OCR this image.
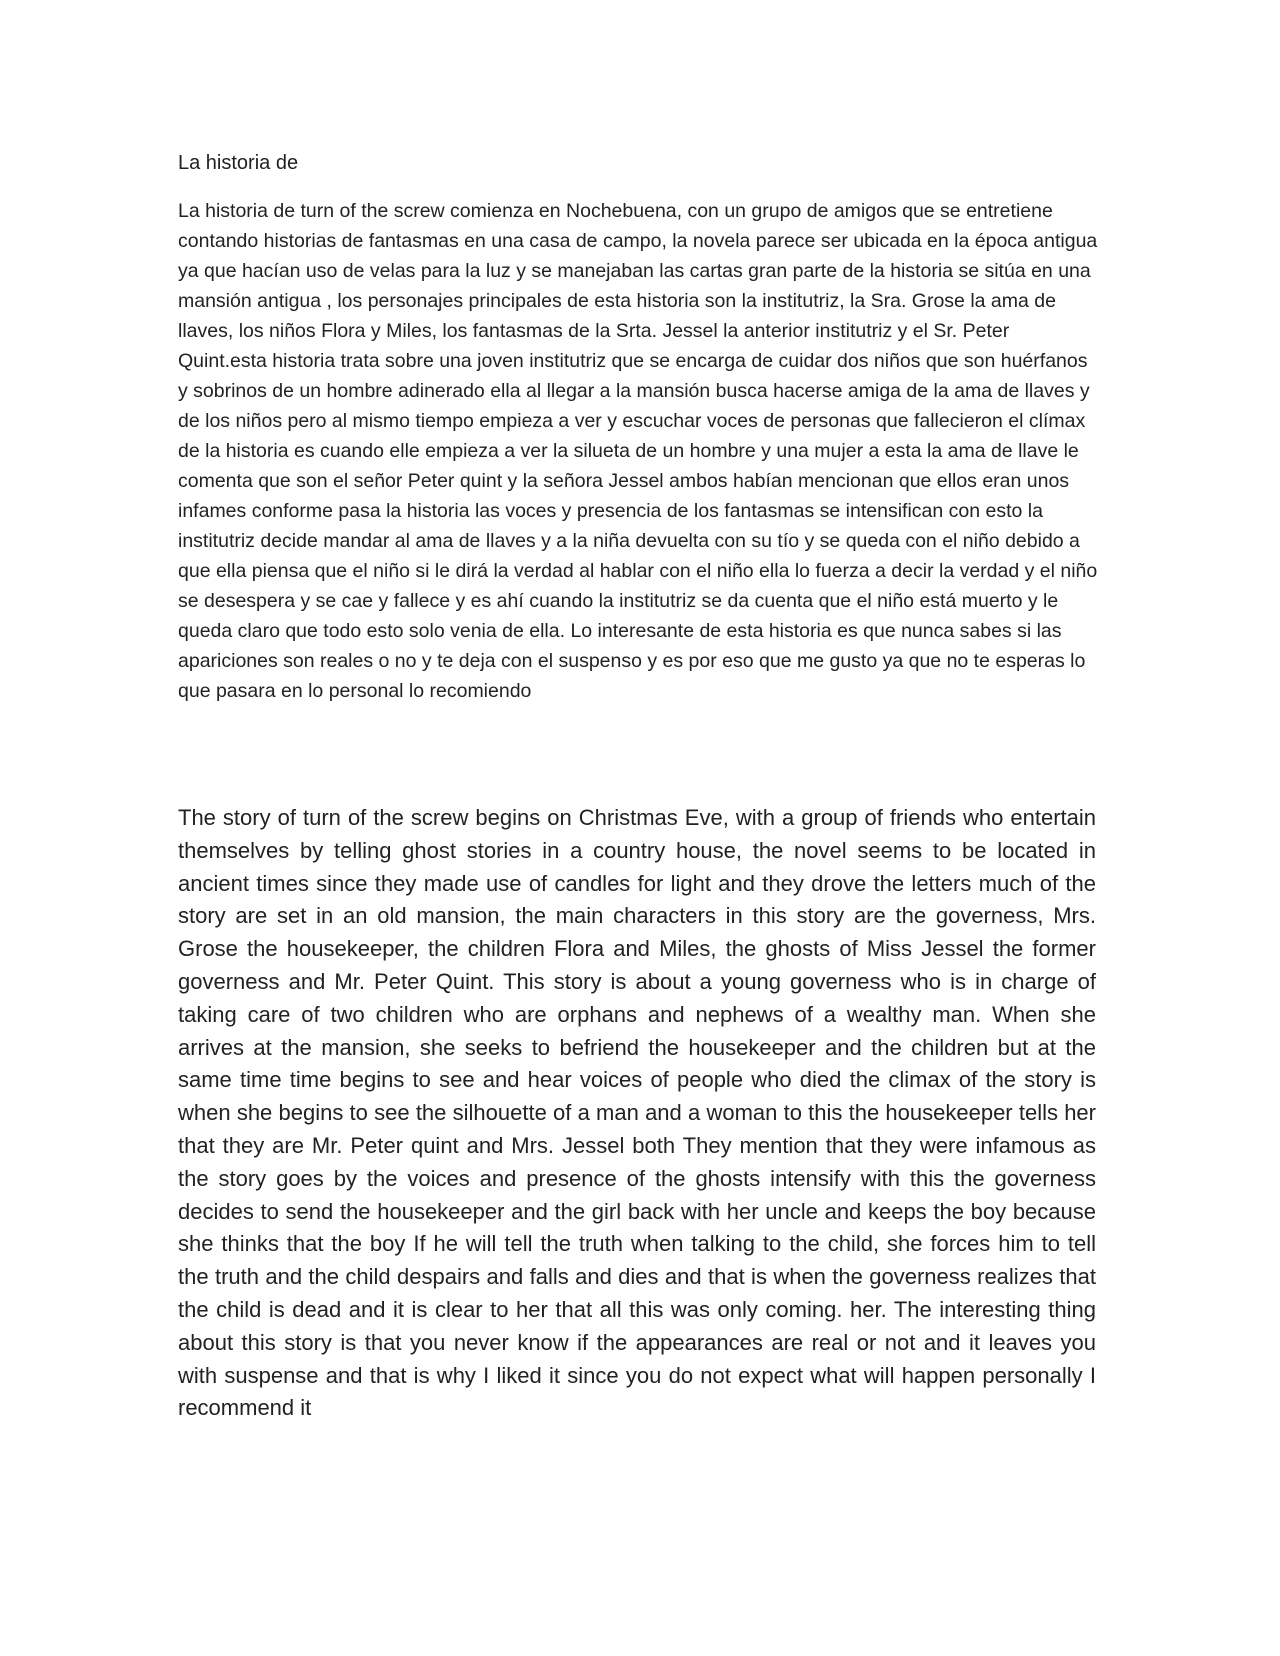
La historia de

La historia de turn of the screw comienza en Nochebuena, con un grupo de amigos que se entretiene contando historias de fantasmas en una casa de campo, la novela parece ser ubicada en la época antigua ya que hacían uso de velas para la luz y se manejaban las cartas gran parte de la historia se sitúa en una mansión antigua , los personajes principales de esta historia son la institutriz, la Sra. Grose la ama de llaves, los niños Flora y Miles, los fantasmas de la Srta. Jessel la anterior institutriz y el Sr. Peter Quint.esta historia trata sobre una joven institutriz que se encarga de cuidar dos niños que son huérfanos y sobrinos de un hombre adinerado ella al llegar a la mansión busca hacerse amiga de la ama de llaves y de los niños pero al mismo tiempo empieza a ver y escuchar voces de personas que fallecieron el clímax de la historia es cuando elle empieza a ver la silueta de un hombre y una mujer a esta la ama de llave le comenta que son el señor Peter quint y la señora Jessel ambos habían mencionan que ellos eran unos infames conforme pasa la historia las voces y presencia de los fantasmas se intensifican con esto la institutriz decide mandar al ama de llaves y a la niña devuelta con su tío y se queda con el niño debido a que ella piensa que el niño si le dirá la verdad al hablar con el niño ella lo fuerza a decir la verdad y el niño se desespera y se cae y fallece y es ahí cuando la institutriz se da cuenta que el niño está muerto y le queda claro que todo esto solo venia de ella. Lo interesante de esta historia es que nunca sabes si las apariciones son reales o no y te deja con el suspenso y es por eso que me gusto ya que no te esperas lo que pasara en lo personal lo recomiendo

The story of turn of the screw begins on Christmas Eve, with a group of friends who entertain themselves by telling ghost stories in a country house, the novel seems to be located in ancient times since they made use of candles for light and they drove the letters much of the story are set in an old mansion, the main characters in this story are the governess, Mrs. Grose the housekeeper, the children Flora and Miles, the ghosts of Miss Jessel the former governess and Mr. Peter Quint. This story is about a young governess who is in charge of taking care of two children who are orphans and nephews of a wealthy man. When she arrives at the mansion, she seeks to befriend the housekeeper and the children but at the same time time begins to see and hear voices of people who died the climax of the story is when she begins to see the silhouette of a man and a woman to this the housekeeper tells her that they are Mr. Peter quint and Mrs. Jessel both They mention that they were infamous as the story goes by the voices and presence of the ghosts intensify with this the governess decides to send the housekeeper and the girl back with her uncle and keeps the boy because she thinks that the boy If he will tell the truth when talking to the child, she forces him to tell the truth and the child despairs and falls and dies and that is when the governess realizes that the child is dead and it is clear to her that all this was only coming. her. The interesting thing about this story is that you never know if the appearances are real or not and it leaves you with suspense and that is why I liked it since you do not expect what will happen personally I recommend it
